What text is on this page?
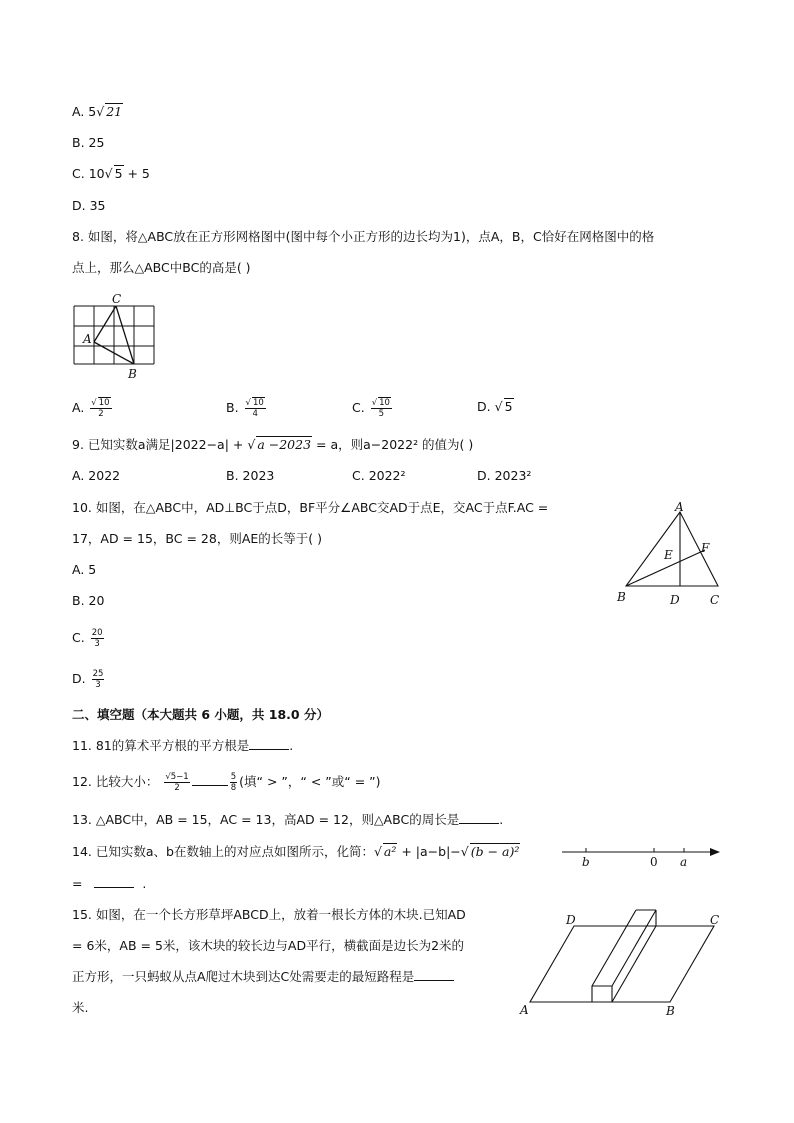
A. 5√ 21
B. 25
C. 10√ 5 + 5
D. 35
8. 如图，将△ABC放在正方形网格图中(图中每个小正方形的边长均为1)，点A，B，C恰好在网格图中的格
点上，那么△ABC中BC的高是( )
C
A
B
A. $\frac{√ 10}{2}$	B. $\frac{√ 10}{4}$	C. $\frac{√ 10}{5}$	D. √ 5
9. 已知实数a满足|2022−a| + √ a −2023 = a，则a−2022² 的值为( )
A. 2022	B. 2023	C. 2022²	D. 2023²
10. 如图，在△ABC中，AD⊥BC于点D，BF平分∠ABC交AD于点E，交AC于点F.AC =
17，AD = 15，BC = 28，则AE的长等于( )
A. 5
B. 20
C. $\frac{20}{3}$
D. $\frac{25}{3}$
A
B	C
D
E F
二、填空题（本大题共 6 小题，共 18.0 分）
11. 81的算术平方根的平方根是	.
12. 比较大小： $\frac{√5-1}{2}$	$\frac{5}{8}$ (填“ > ”，“ < ”或“ = ”)
13. △ABC中，AB = 15，AC = 13，高AD = 12，则△ABC的周长是	.
14. 已知实数a、b在数轴上的对应点如图所示，化简：√ a² + |a−b|−√ (b − a)²
=	.
b	0 a
15. 如图，在一个长方形草坪ABCD上，放着一根长方体的木块.已知AD
= 6米，AB = 5米，该木块的较长边与AD平行，横截面是边长为2米的
正方形，一只蚂蚁从点A爬过木块到达C处需要走的最短路程是
米.	A	B
C
D
